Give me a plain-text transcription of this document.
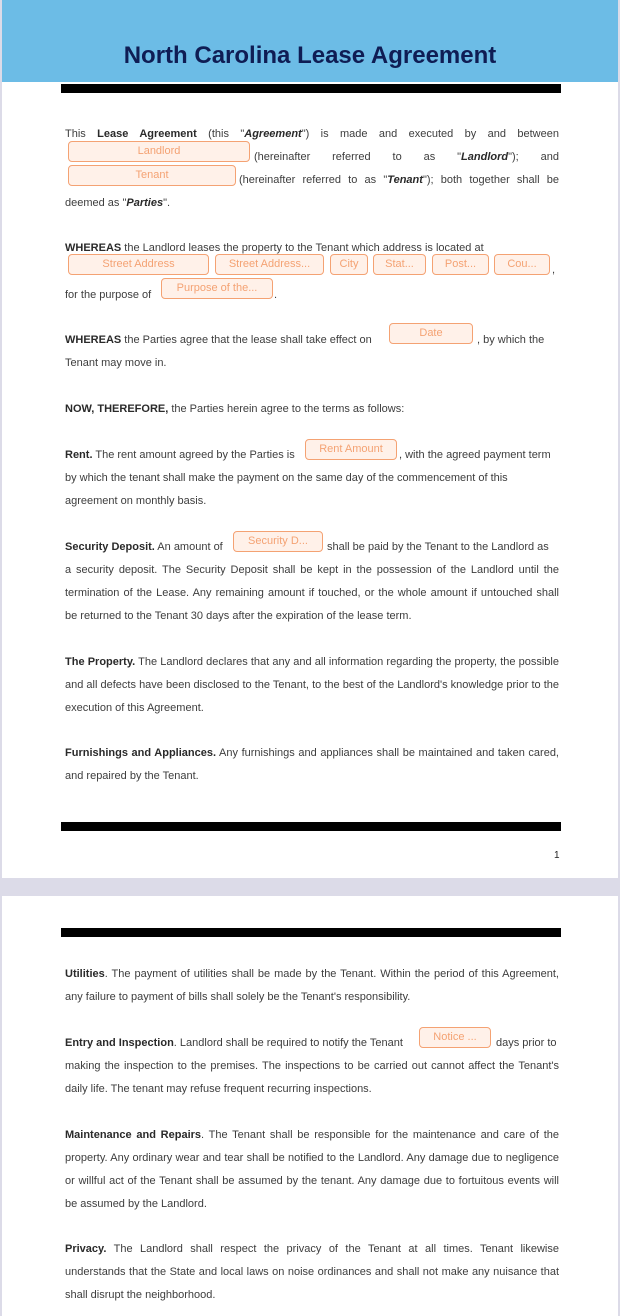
North Carolina Lease Agreement
This Lease Agreement (this "Agreement") is made and executed by and between
Landlord	(hereinafter referred to as "Landlord"); and
Tenant	(hereinafter referred to as "Tenant"); both together shall be
deemed as "Parties".
WHEREAS the Landlord leases the property to the Tenant which address is located at
Street Address	Street Address...	City	Stat...	Post...	Cou...	,
for the purpose of
Purpose of the...
.
WHEREAS the Parties agree that the lease shall take effect on
Date
, by which the
Tenant may move in.
NOW, THEREFORE, the Parties herein agree to the terms as follows:
Rent. The rent amount agreed by the Parties is	Rent Amount	, with the agreed payment term
by which the tenant shall make the payment on the same day of the commencement of this agreement on monthly basis.
Security Deposit. An amount of	Security D...	shall be paid by the Tenant to the Landlord as
a security deposit. The Security Deposit shall be kept in the possession of the Landlord until the termination of the Lease. Any remaining amount if touched, or the whole amount if untouched shall be returned to the Tenant 30 days after the expiration of the lease term.
The Property. The Landlord declares that any and all information regarding the property, the possible and all defects have been disclosed to the Tenant, to the best of the Landlord's knowledge prior to the execution of this Agreement.
Furnishings and Appliances. Any furnishings and appliances shall be maintained and taken cared, and repaired by the Tenant.
1
Utilities. The payment of utilities shall be made by the Tenant. Within the period of this Agreement, any failure to payment of bills shall solely be the Tenant's responsibility.
Entry and Inspection. Landlord shall be required to notify the Tenant	Notice ...	days prior to
making the inspection to the premises. The inspections to be carried out cannot affect the Tenant's daily life. The tenant may refuse frequent recurring inspections.
Maintenance and Repairs. The Tenant shall be responsible for the maintenance and care of the property. Any ordinary wear and tear shall be notified to the Landlord. Any damage due to negligence or willful act of the Tenant shall be assumed by the tenant. Any damage due to fortuitous events will be assumed by the Landlord.
Privacy. The Landlord shall respect the privacy of the Tenant at all times. Tenant likewise understands that the State and local laws on noise ordinances and shall not make any nuisance that shall disrupt the neighborhood.
